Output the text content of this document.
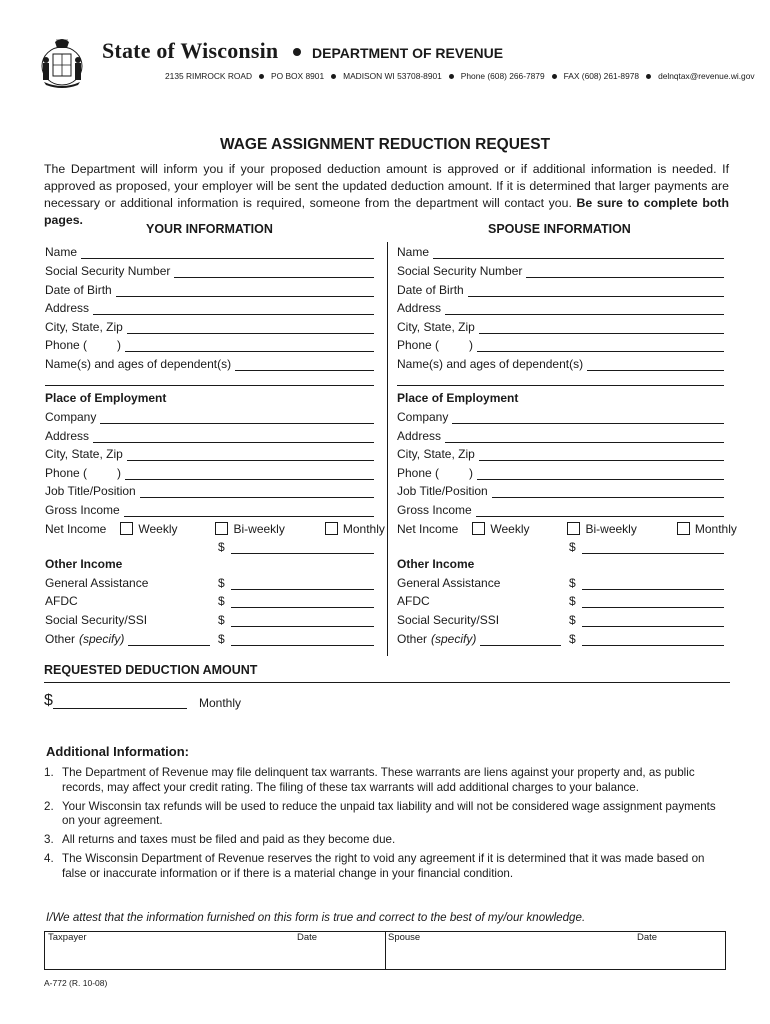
State of Wisconsin DEPARTMENT OF REVENUE
2135 RIMROCK ROAD PO BOX 8901 MADISON WI 53708-8901 Phone (608) 266-7879 FAX (608) 261-8978 delnqtax@revenue.wi.gov
WAGE ASSIGNMENT REDUCTION REQUEST
The Department will inform you if your proposed deduction amount is approved or if additional information is needed. If approved as proposed, your employer will be sent the updated deduction amount. If it is determined that larger payments are necessary or additional information is required, someone from the department will contact you. Be sure to complete both pages.
YOUR INFORMATION	SPOUSE INFORMATION
Name
Social Security Number
Date of Birth
Address
City, State, Zip
Phone (	)
Name(s) and ages of dependent(s)
Place of Employment
Company
Address
City, State, Zip
Phone (	)
Job Title/Position
Gross Income
Net Income	Weekly	Bi-weekly	Monthly
$
Other Income
General Assistance	$
AFDC	$
Social Security/SSI	$
Other (specify)	$
Name
Social Security Number
Date of Birth
Address
City, State, Zip
Phone (	)
Name(s) and ages of dependent(s)
Place of Employment
Company
Address
City, State, Zip
Phone (	)
Job Title/Position
Gross Income
Net Income	Weekly	Bi-weekly	Monthly
$
Other Income
General Assistance	$
AFDC	$
Social Security/SSI	$
Other (specify)	$
REQUESTED DEDUCTION AMOUNT
$	Monthly
Additional Information:
1. The Department of Revenue may file delinquent tax warrants. These warrants are liens against your property and, as public records, may affect your credit rating. The filing of these tax warrants will add additional charges to your balance.
2. Your Wisconsin tax refunds will be used to reduce the unpaid tax liability and will not be considered wage assignment payments on your agreement.
3. All returns and taxes must be filed and paid as they become due.
4. The Wisconsin Department of Revenue reserves the right to void any agreement if it is determined that it was made based on false or inaccurate information or if there is a material change in your financial condition.
I/We attest that the information furnished on this form is true and correct to the best of my/our knowledge.
Taxpayer	Date	Spouse	Date
A-772 (R. 10-08)
